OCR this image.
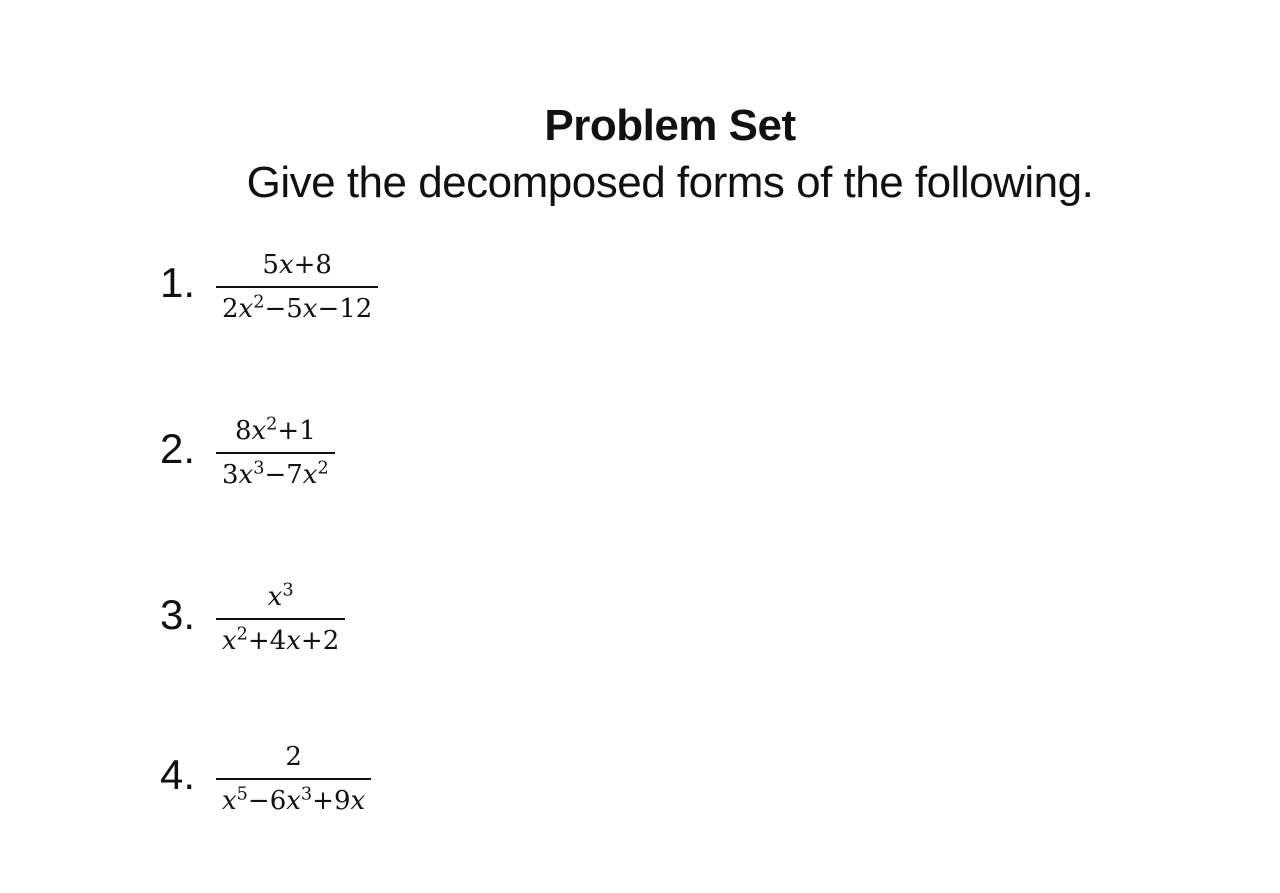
Problem Set
Give the decomposed forms of the following.
1. $\frac{5x+8}{2x^2-5x-12}$
2. $\frac{8x^2+1}{3x^3-7x^2}$
3. $\frac{x^3}{x^2+4x+2}$
4. $\frac{2}{x^5-6x^3+9x}$
